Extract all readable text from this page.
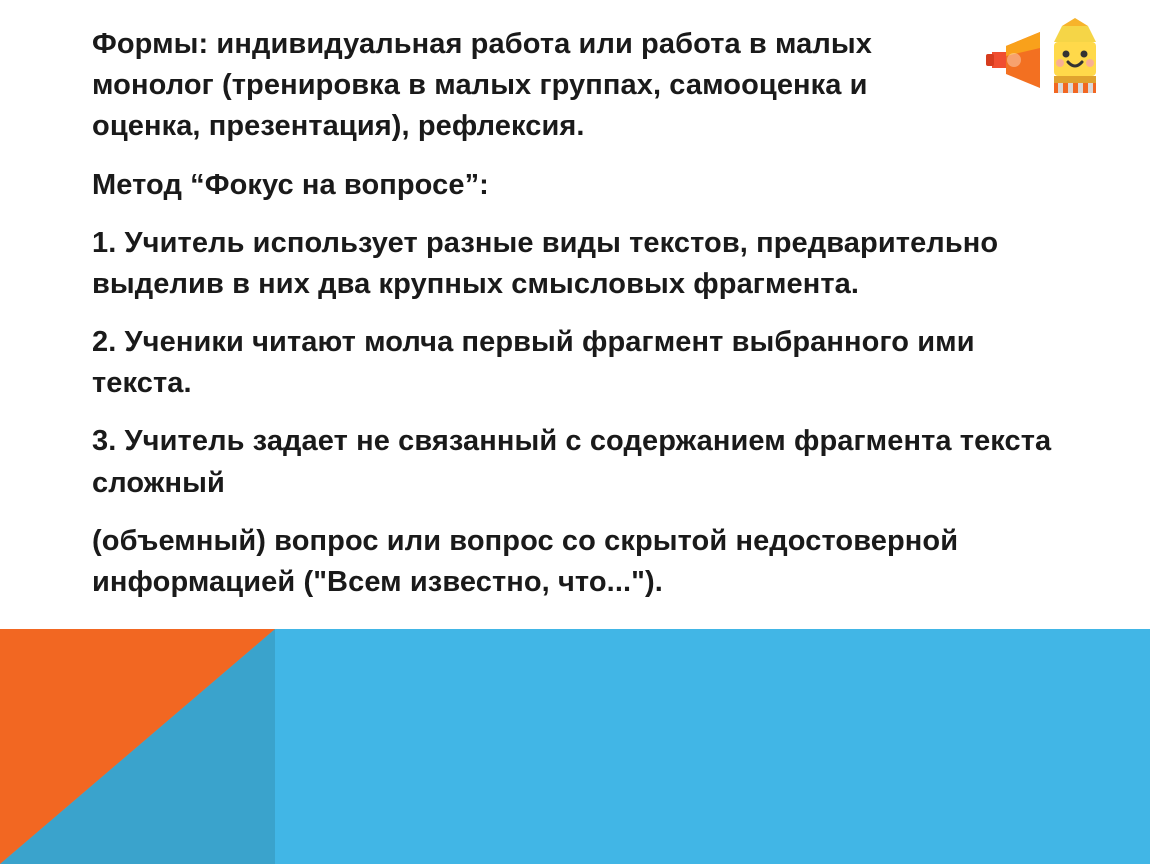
Формы: индивидуальная работа или работа в малых монолог (тренировка в малых группах, самооценка и оценка, презентация), рефлексия.

Метод “Фокус на вопросе”:

1. Учитель использует разные виды текстов, предварительно выделив в них два крупных смысловых фрагмента.

2. Ученики читают молча первый фрагмент выбранного ими текста.

3. Учитель задает не связанный с содержанием фрагмента текста сложный

(объемный) вопрос или вопрос со скрытой недостоверной информацией ("Всем известно, что...").
